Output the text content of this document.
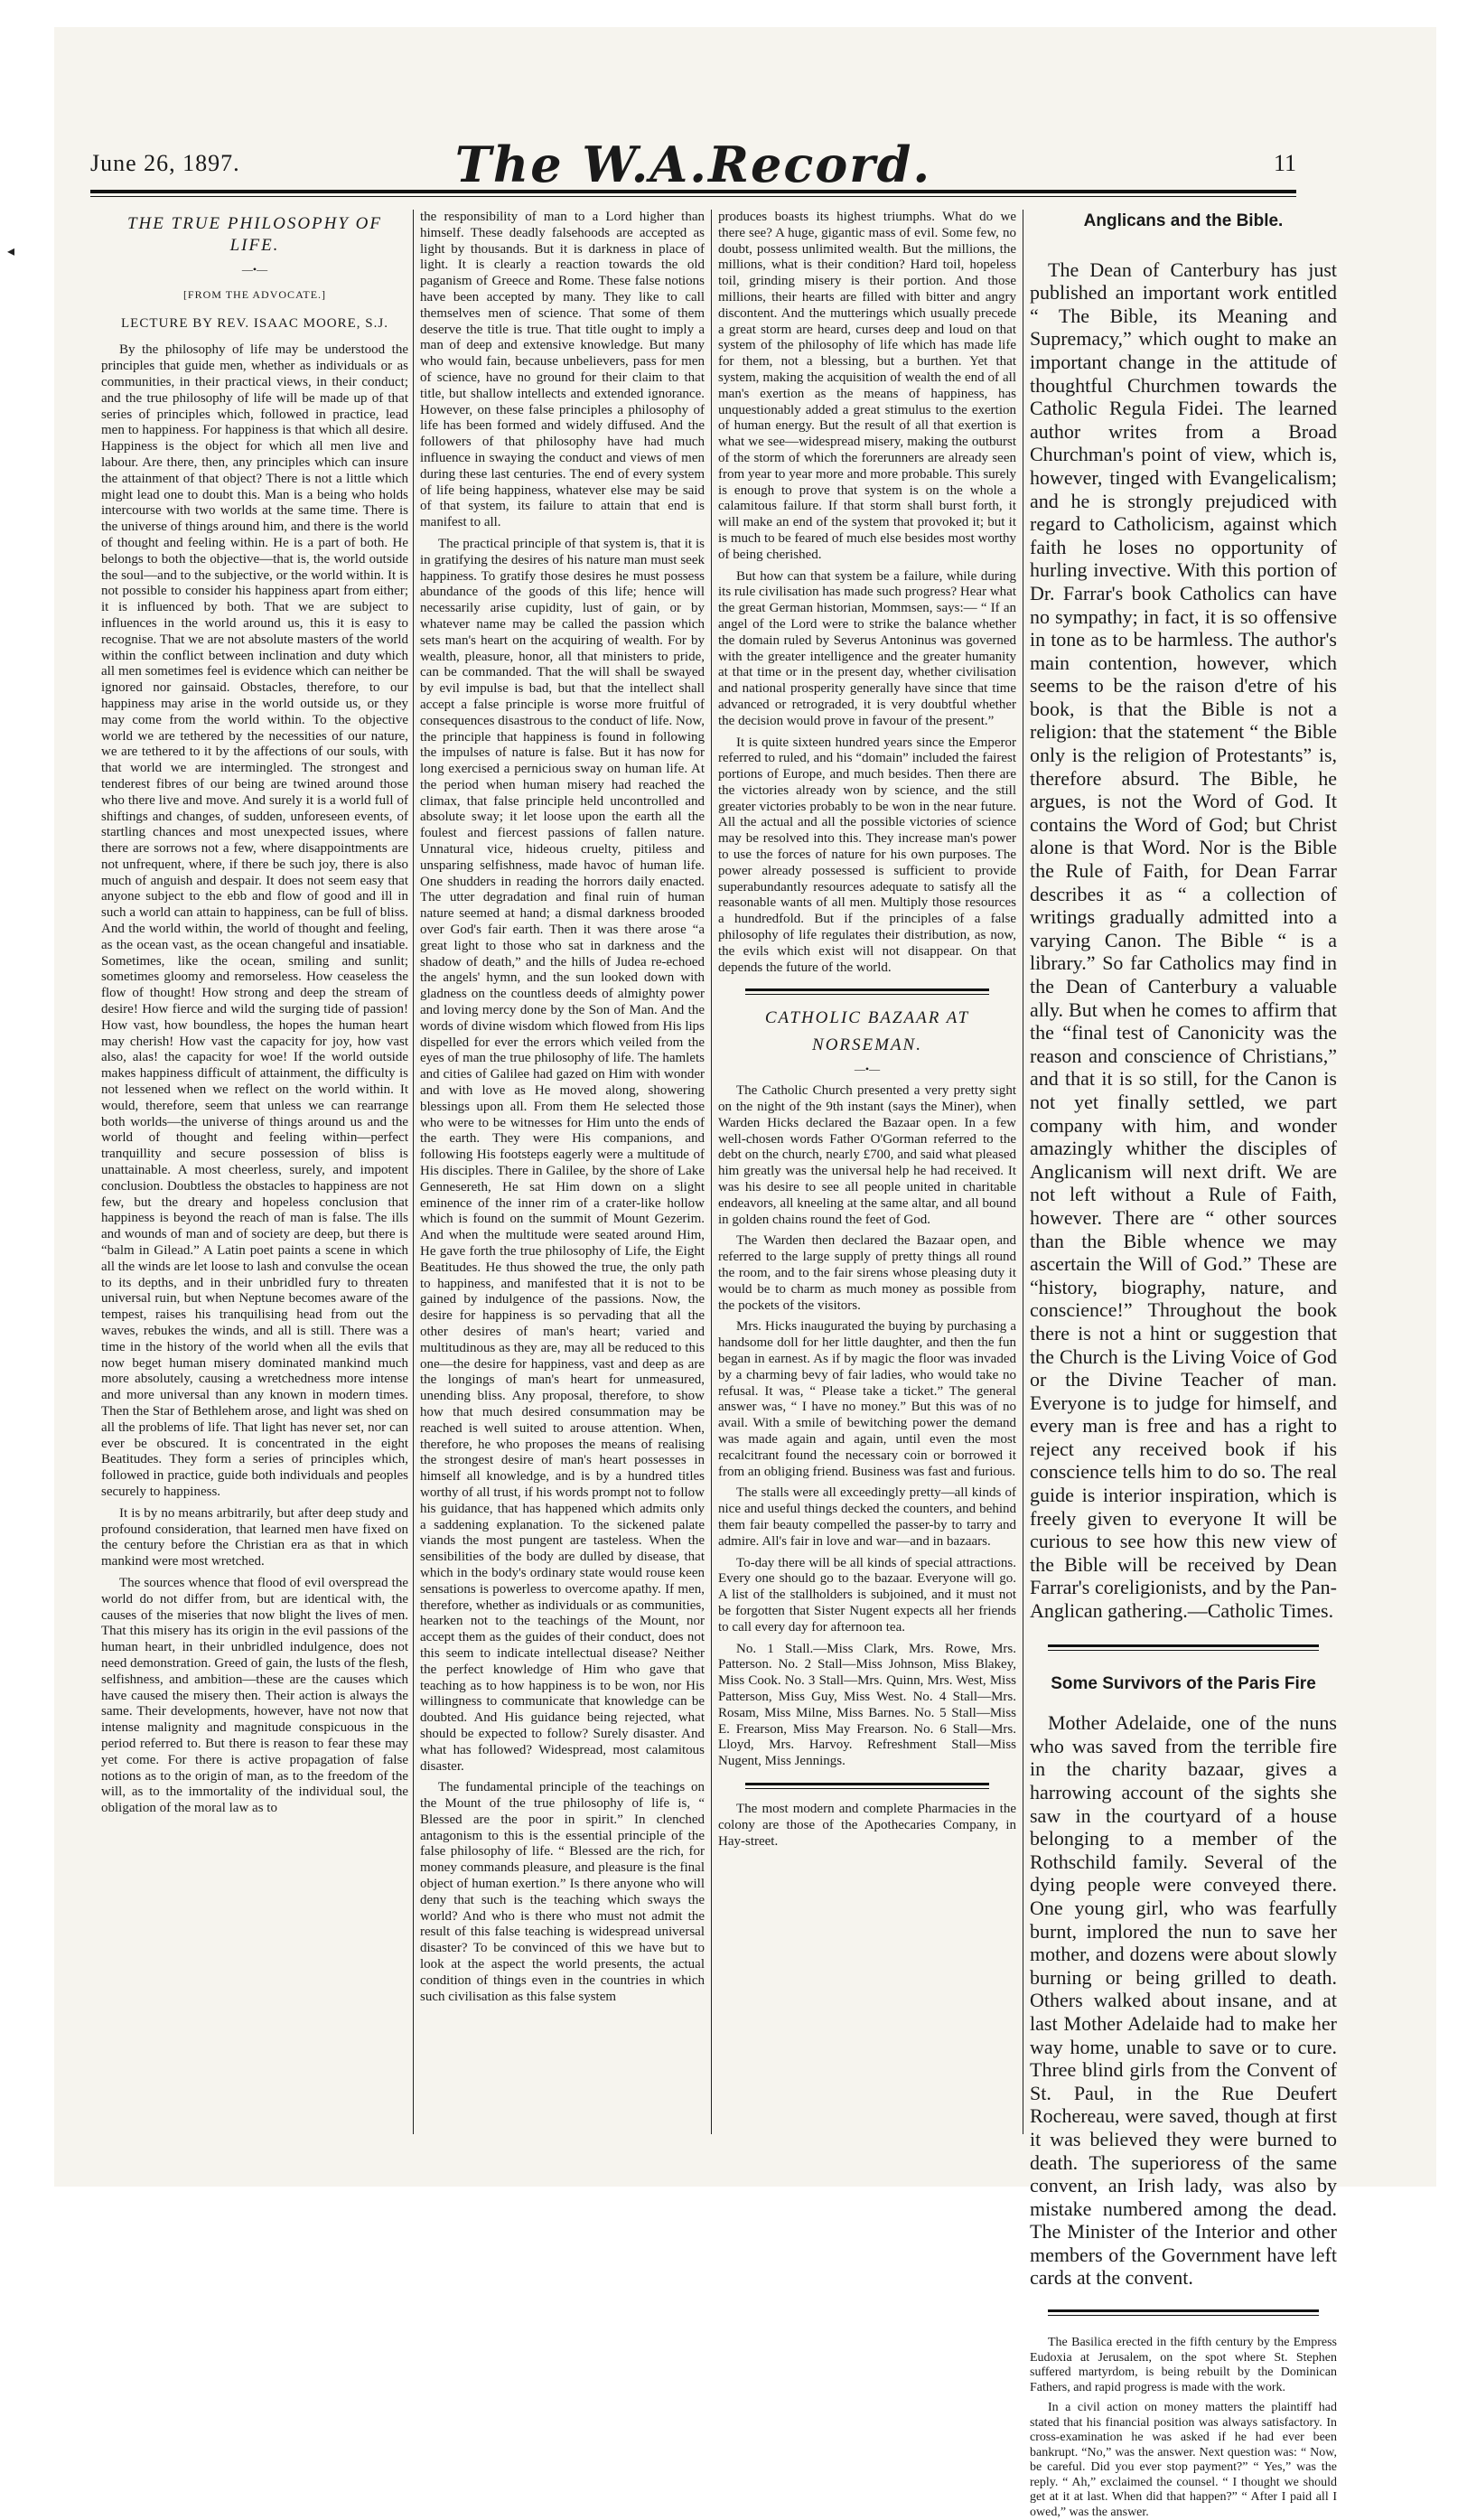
◂
June 26, 1897.	The W.A.Record.	11
THE TRUE PHILOSOPHY OF LIFE.
—•—
[FROM THE ADVOCATE.]
LECTURE BY REV. ISAAC MOORE, S.J.

By the philosophy of life may be understood the principles that guide men, whether as individuals or as communities, in their practical views, in their conduct; and the true philosophy of life will be made up of that series of principles which, followed in practice, lead men to happiness. For happiness is that which all desire. Happiness is the object for which all men live and labour. Are there, then, any principles which can insure the attainment of that object? There is not a little which might lead one to doubt this. Man is a being who holds intercourse with two worlds at the same time. There is the universe of things around him, and there is the world of thought and feeling within. He is a part of both. He belongs to both the objective—that is, the world outside the soul—and to the subjective, or the world within. It is not possible to consider his happiness apart from either; it is influenced by both. That we are subject to influences in the world around us, this it is easy to recognise. That we are not absolute masters of the world within the conflict between inclination and duty which all men sometimes feel is evidence which can neither be ignored nor gainsaid. Obstacles, therefore, to our happiness may arise in the world outside us, or they may come from the world within. To the objective world we are tethered by the necessities of our nature, we are tethered to it by the affections of our souls, with that world we are intermingled. The strongest and tenderest fibres of our being are twined around those who there live and move. And surely it is a world full of shiftings and changes, of sudden, unforeseen events, of startling chances and most unexpected issues, where there are sorrows not a few, where disappointments are not unfrequent, where, if there be such joy, there is also much of anguish and despair. It does not seem easy that anyone subject to the ebb and flow of good and ill in such a world can attain to happiness, can be full of bliss. And the world within, the world of thought and feeling, as the ocean vast, as the ocean changeful and insatiable. Sometimes, like the ocean, smiling and sunlit; sometimes gloomy and remorseless. How ceaseless the flow of thought! How strong and deep the stream of desire! How fierce and wild the surging tide of passion! How vast, how boundless, the hopes the human heart may cherish! How vast the capacity for joy, how vast also, alas! the capacity for woe! If the world outside makes happiness difficult of attainment, the difficulty is not lessened when we reflect on the world within. It would, therefore, seem that unless we can rearrange both worlds—the universe of things around us and the world of thought and feeling within—perfect tranquillity and secure possession of bliss is unattainable. A most cheerless, surely, and impotent conclusion. Doubtless the obstacles to happiness are not few, but the dreary and hopeless conclusion that happiness is beyond the reach of man is false. The ills and wounds of man and of society are deep, but there is “balm in Gilead.” A Latin poet paints a scene in which all the winds are let loose to lash and convulse the ocean to its depths, and in their unbridled fury to threaten universal ruin, but when Neptune becomes aware of the tempest, raises his tranquilising head from out the waves, rebukes the winds, and all is still. There was a time in the history of the world when all the evils that now beget human misery dominated mankind much more absolutely, causing a wretchedness more intense and more universal than any known in modern times. Then the Star of Bethlehem arose, and light was shed on all the problems of life. That light has never set, nor can ever be obscured. It is concentrated in the eight Beatitudes. They form a series of principles which, followed in practice, guide both individuals and peoples securely to happiness.

It is by no means arbitrarily, but after deep study and profound consideration, that learned men have fixed on the century before the Christian era as that in which mankind were most wretched.

The sources whence that flood of evil overspread the world do not differ from, but are identical with, the causes of the miseries that now blight the lives of men. That this misery has its origin in the evil passions of the human heart, in their unbridled indulgence, does not need demonstration. Greed of gain, the lusts of the flesh, selfishness, and ambition—these are the causes which have caused the misery then. Their action is always the same. Their developments, however, have not now that intense malignity and magnitude conspicuous in the period referred to. But there is reason to fear these may yet come. For there is active propagation of false notions as to the origin of man, as to the freedom of the will, as to the immortality of the individual soul, the obligation of the moral law as to

the responsibility of man to a Lord higher than himself. These deadly falsehoods are accepted as light by thousands. But it is darkness in place of light. It is clearly a reaction towards the old paganism of Greece and Rome. These false notions have been accepted by many. They like to call themselves men of science. That some of them deserve the title is true. That title ought to imply a man of deep and extensive knowledge. But many who would fain, because unbelievers, pass for men of science, have no ground for their claim to that title, but shallow intellects and extended ignorance. However, on these false principles a philosophy of life has been formed and widely diffused. And the followers of that philosophy have had much influence in swaying the conduct and views of men during these last centuries. The end of every system of life being happiness, whatever else may be said of that system, its failure to attain that end is manifest to all.

The practical principle of that system is, that it is in gratifying the desires of his nature man must seek happiness. To gratify those desires he must possess abundance of the goods of this life; hence will necessarily arise cupidity, lust of gain, or by whatever name may be called the passion which sets man's heart on the acquiring of wealth. For by wealth, pleasure, honor, all that ministers to pride, can be commanded. That the will shall be swayed by evil impulse is bad, but that the intellect shall accept a false principle is worse more fruitful of consequences disastrous to the conduct of life. Now, the principle that happiness is found in following the impulses of nature is false. But it has now for long exercised a pernicious sway on human life. At the period when human misery had reached the climax, that false principle held uncontrolled and absolute sway; it let loose upon the earth all the foulest and fiercest passions of fallen nature. Unnatural vice, hideous cruelty, pitiless and unsparing selfishness, made havoc of human life. One shudders in reading the horrors daily enacted. The utter degradation and final ruin of human nature seemed at hand; a dismal darkness brooded over God's fair earth. Then it was there arose “a great light to those who sat in darkness and the shadow of death,” and the hills of Judea re-echoed the angels' hymn, and the sun looked down with gladness on the countless deeds of almighty power and loving mercy done by the Son of Man. And the words of divine wisdom which flowed from His lips dispelled for ever the errors which veiled from the eyes of man the true philosophy of life. The hamlets and cities of Galilee had gazed on Him with wonder and with love as He moved along, showering blessings upon all. From them He selected those who were to be witnesses for Him unto the ends of the earth. They were His companions, and following His footsteps eagerly were a multitude of His disciples. There in Galilee, by the shore of Lake Gennesereth, He sat Him down on a slight eminence of the inner rim of a crater-like hollow which is found on the summit of Mount Gezerim. And when the multitude were seated around Him, He gave forth the true philosophy of Life, the Eight Beatitudes. He thus showed the true, the only path to happiness, and manifested that it is not to be gained by indulgence of the passions. Now, the desire for happiness is so pervading that all the other desires of man's heart; varied and multitudinous as they are, may all be reduced to this one—the desire for happiness, vast and deep as are the longings of man's heart for unmeasured, unending bliss. Any proposal, therefore, to show how that much desired consummation may be reached is well suited to arouse attention. When, therefore, he who proposes the means of realising the strongest desire of man's heart possesses in himself all knowledge, and is by a hundred titles worthy of all trust, if his words prompt not to follow his guidance, that has happened which admits only a saddening explanation. To the sickened palate viands the most pungent are tasteless. When the sensibilities of the body are dulled by disease, that which in the body's ordinary state would rouse keen sensations is powerless to overcome apathy. If men, therefore, whether as individuals or as communities, hearken not to the teachings of the Mount, nor accept them as the guides of their conduct, does not this seem to indicate intellectual disease? Neither the perfect knowledge of Him who gave that teaching as to how happiness is to be won, nor His willingness to communicate that knowledge can be doubted. And His guidance being rejected, what should be expected to follow? Surely disaster. And what has followed? Widespread, most calamitous disaster.

The fundamental principle of the teachings on the Mount of the true philosophy of life is, “ Blessed are the poor in spirit.” In clenched antagonism to this is the essential principle of the false philosophy of life. “ Blessed are the rich, for money commands pleasure, and pleasure is the final object of human exertion.” Is there anyone who will deny that such is the teaching which sways the world? And who is there who must not admit the result of this false teaching is widespread universal disaster? To be convinced of this we have but to look at the aspect the world presents, the actual condition of things even in the countries in which such civilisation as this false system

produces boasts its highest triumphs. What do we there see? A huge, gigantic mass of evil. Some few, no doubt, possess unlimited wealth. But the millions, the millions, what is their condition? Hard toil, hopeless toil, grinding misery is their portion. And those millions, their hearts are filled with bitter and angry discontent. And the mutterings which usually precede a great storm are heard, curses deep and loud on that system of the philosophy of life which has made life for them, not a blessing, but a burthen. Yet that system, making the acquisition of wealth the end of all man's exertion as the means of happiness, has unquestionably added a great stimulus to the exertion of human energy. But the result of all that exertion is what we see—widespread misery, making the outburst of the storm of which the forerunners are already seen from year to year more and more probable. This surely is enough to prove that system is on the whole a calamitous failure. If that storm shall burst forth, it will make an end of the system that provoked it; but it is much to be feared of much else besides most worthy of being cherished.

But how can that system be a failure, while during its rule civilisation has made such progress? Hear what the great German historian, Mommsen, says:— “ If an angel of the Lord were to strike the balance whether the domain ruled by Severus Antoninus was governed with the greater intelligence and the greater humanity at that time or in the present day, whether civilisation and national prosperity generally have since that time advanced or retrograded, it is very doubtful whether the decision would prove in favour of the present.”

It is quite sixteen hundred years since the Emperor referred to ruled, and his “domain” included the fairest portions of Europe, and much besides. Then there are the victories already won by science, and the still greater victories probably to be won in the near future. All the actual and all the possible victories of science may be resolved into this. They increase man's power to use the forces of nature for his own purposes. The power already possessed is sufficient to provide superabundantly resources adequate to satisfy all the reasonable wants of all men. Multiply those resources a hundredfold. But if the principles of a false philosophy of life regulates their distribution, as now, the evils which exist will not disappear. On that depends the future of the world.

CATHOLIC BAZAAR AT
NORSEMAN.
—•—

The Catholic Church presented a very pretty sight on the night of the 9th instant (says the Miner), when Warden Hicks declared the Bazaar open. In a few well-chosen words Father O'Gorman referred to the debt on the church, nearly £700, and said what pleased him greatly was the universal help he had received. It was his desire to see all people united in charitable endeavors, all kneeling at the same altar, and all bound in golden chains round the feet of God.

The Warden then declared the Bazaar open, and referred to the large supply of pretty things all round the room, and to the fair sirens whose pleasing duty it would be to charm as much money as possible from the pockets of the visitors.

Mrs. Hicks inaugurated the buying by purchasing a handsome doll for her little daughter, and then the fun began in earnest. As if by magic the floor was invaded by a charming bevy of fair ladies, who would take no refusal. It was, “ Please take a ticket.” The general answer was, “ I have no money.” But this was of no avail. With a smile of bewitching power the demand was made again and again, until even the most recalcitrant found the necessary coin or borrowed it from an obliging friend. Business was fast and furious.

The stalls were all exceedingly pretty—all kinds of nice and useful things decked the counters, and behind them fair beauty compelled the passer-by to tarry and admire. All's fair in love and war—and in bazaars.

To-day there will be all kinds of special attractions. Every one should go to the bazaar. Everyone will go. A list of the stallholders is subjoined, and it must not be forgotten that Sister Nugent expects all her friends to call every day for afternoon tea.

No. 1 Stall.—Miss Clark, Mrs. Rowe, Mrs. Patterson. No. 2 Stall—Miss Johnson, Miss Blakey, Miss Cook. No. 3 Stall—Mrs. Quinn, Mrs. West, Miss Patterson, Miss Guy, Miss West. No. 4 Stall—Mrs. Rosam, Miss Milne, Miss Barnes. No. 5 Stall—Miss E. Frearson, Miss May Frearson. No. 6 Stall—Mrs. Lloyd, Mrs. Harvoy. Refreshment Stall—Miss Nugent, Miss Jennings.

The most modern and complete Pharmacies in the colony are those of the Apothecaries Company, in Hay-street.

Anglicans and the Bible.

The Dean of Canterbury has just published an important work entitled “ The Bible, its Meaning and Supremacy,” which ought to make an important change in the attitude of thoughtful Churchmen towards the Catholic Regula Fidei. The learned author writes from a Broad Churchman's point of view, which is, however, tinged with Evangelicalism; and he is strongly prejudiced with regard to Catholicism, against which faith he loses no opportunity of hurling invective. With this portion of Dr. Farrar's book Catholics can have no sympathy; in fact, it is so offensive in tone as to be harmless. The author's main contention, however, which seems to be the raison d'etre of his book, is that the Bible is not a religion: that the statement “ the Bible only is the religion of Protestants” is, therefore absurd. The Bible, he argues, is not the Word of God. It contains the Word of God; but Christ alone is that Word. Nor is the Bible the Rule of Faith, for Dean Farrar describes it as “ a collection of writings gradually admitted into a varying Canon. The Bible “ is a library.” So far Catholics may find in the Dean of Canterbury a valuable ally. But when he comes to affirm that the “final test of Canonicity was the reason and conscience of Christians,” and that it is so still, for the Canon is not yet finally settled, we part company with him, and wonder amazingly whither the disciples of Anglicanism will next drift. We are not left without a Rule of Faith, however. There are “ other sources than the Bible whence we may ascertain the Will of God.” These are “history, biography, nature, and conscience!” Throughout the book there is not a hint or suggestion that the Church is the Living Voice of God or the Divine Teacher of man. Everyone is to judge for himself, and every man is free and has a right to reject any received book if his conscience tells him to do so. The real guide is interior inspiration, which is freely given to everyone It will be curious to see how this new view of the Bible will be received by Dean Farrar's coreligionists, and by the Pan-Anglican gathering.—Catholic Times.

Some Survivors of the Paris Fire

Mother Adelaide, one of the nuns who was saved from the terrible fire in the charity bazaar, gives a harrowing account of the sights she saw in the courtyard of a house belonging to a member of the Rothschild family. Several of the dying people were conveyed there. One young girl, who was fearfully burnt, implored the nun to save her mother, and dozens were about slowly burning or being grilled to death. Others walked about insane, and at last Mother Adelaide had to make her way home, unable to save or to cure. Three blind girls from the Convent of St. Paul, in the Rue Deufert Rochereau, were saved, though at first it was believed they were burned to death. The superioress of the same convent, an Irish lady, was also by mistake numbered among the dead. The Minister of the Interior and other members of the Government have left cards at the convent.

The Basilica erected in the fifth century by the Empress Eudoxia at Jerusalem, on the spot where St. Stephen suffered martyrdom, is being rebuilt by the Dominican Fathers, and rapid progress is made with the work.

In a civil action on money matters the plaintiff had stated that his financial position was always satisfactory. In cross-examination he was asked if he had ever been bankrupt. “No,” was the answer. Next question was: “ Now, be careful. Did you ever stop payment?” “ Yes,” was the reply. “ Ah,” exclaimed the counsel. “ I thought we should get at it at last. When did that happen?” “ After I paid all I owed,” was the answer.
